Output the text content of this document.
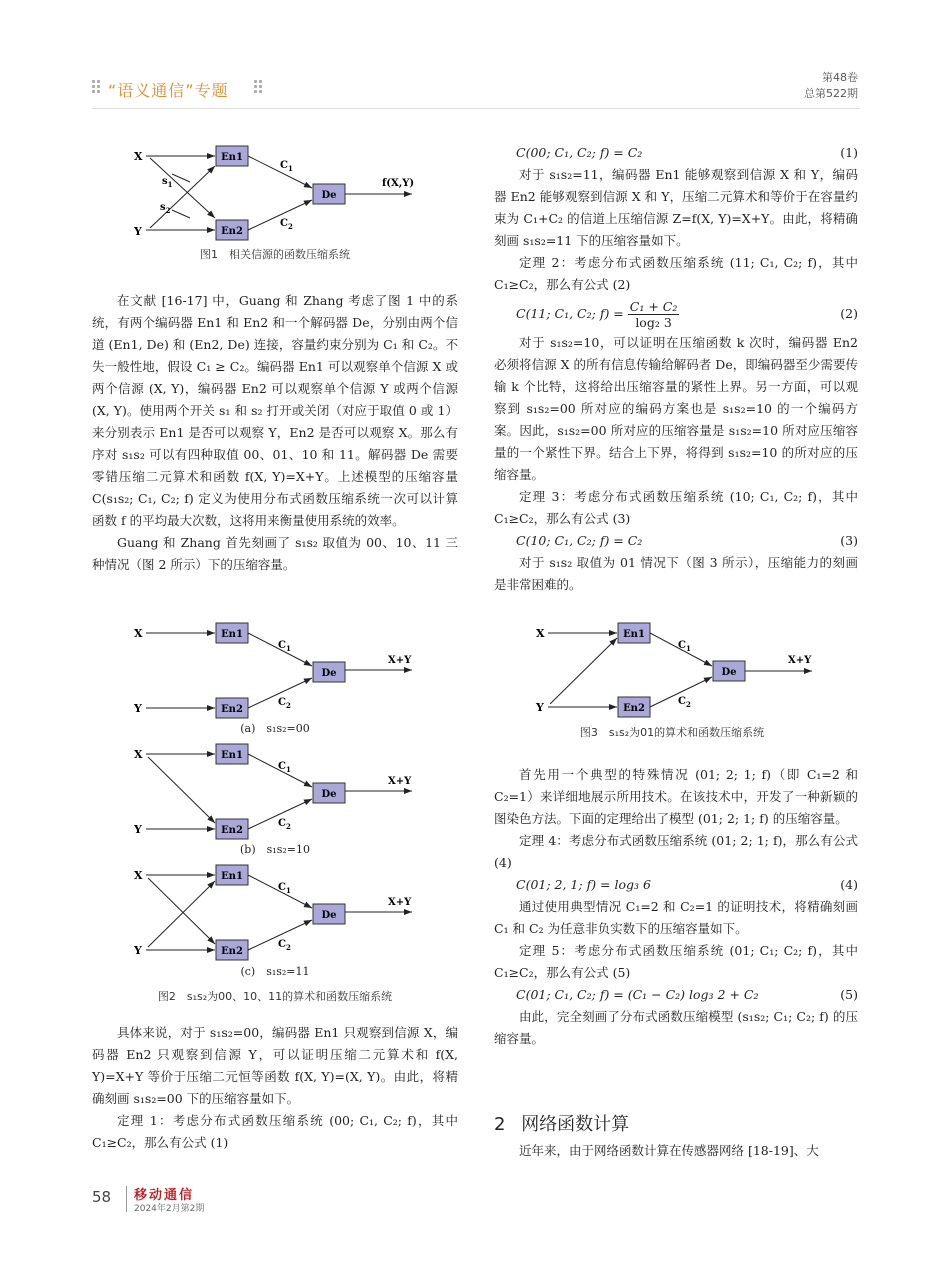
“语义通信”专题
第48卷
总第522期
X
Y
$s_1$
$s_2$
En1
En2
$C_1$
$C_2$
De
f(X,Y)
图1　相关信源的函数压缩系统

在文献 [16-17] 中，Guang 和 Zhang 考虑了图 1 中的系统，有两个编码器 En1 和 En2 和一个解码器 De，分别由两个信道 (En1, De) 和 (En2, De) 连接，容量约束分别为 C₁ 和 C₂。不失一般性地，假设 C₁ ≥ C₂。编码器 En1 可以观察单个信源 X 或两个信源 (X, Y)，编码器 En2 可以观察单个信源 Y 或两个信源 (X, Y)。使用两个开关 s₁ 和 s₂ 打开或关闭（对应于取值 0 或 1）来分别表示 En1 是否可以观察 Y，En2 是否可以观察 X。那么有序对 s₁s₂ 可以有四种取值 00、01、10 和 11。解码器 De 需要零错压缩二元算术和函数 f(X, Y)=X+Y。上述模型的压缩容量 C(s₁s₂; C₁, C₂; f) 定义为使用分布式函数压缩系统一次可以计算函数 f 的平均最大次数，这将用来衡量使用系统的效率。

Guang 和 Zhang 首先刻画了 s₁s₂ 取值为 00、10、11 三种情况（图 2 所示）下的压缩容量。

X
Y
En1
En2
$C_1$
$C_2$
De
X+Y
X
Y
En1
En2
$C_1$
$C_2$
De
X+Y
X
Y
En1
En2
$C_1$
$C_2$
De
X+Y
(a)　s₁s₂=00
(b)　s₁s₂=10
(c)　s₁s₂=11
图2　s₁s₂为00、10、11的算术和函数压缩系统

具体来说，对于 s₁s₂=00，编码器 En1 只观察到信源 X，编码器 En2 只观察到信源 Y，可以证明压缩二元算术和 f(X, Y)=X+Y 等价于压缩二元恒等函数 f(X, Y)=(X, Y)。由此，将精确刻画 s₁s₂=00 下的压缩容量如下。

定理 1：考虑分布式函数压缩系统 (00; C₁, C₂; f)，其中 C₁≥C₂，那么有公式 (1)

C(00; C₁, C₂; f) = C₂	(1)

对于 s₁s₂=11，编码器 En1 能够观察到信源 X 和 Y，编码器 En2 能够观察到信源 X 和 Y，压缩二元算术和等价于在容量约束为 C₁+C₂ 的信道上压缩信源 Z=f(X, Y)=X+Y。由此，将精确刻画 s₁s₂=11 下的压缩容量如下。

定理 2：考虑分布式函数压缩系统 (11; C₁, C₂; f)，其中 C₁≥C₂，那么有公式 (2)

C(11; C₁, C₂; $f) = \frac{\text{C₁ + C₂}}{\text{log₂ 3}}$	(2)

对于 s₁s₂=10，可以证明在压缩函数 k 次时，编码器 En2 必须将信源 X 的所有信息传输给解码者 De，即编码器至少需要传输 k 个比特，这将给出压缩容量的紧性上界。另一方面，可以观察到 s₁s₂=00 所对应的编码方案也是 s₁s₂=10 的一个编码方案。因此，s₁s₂=00 所对应的压缩容量是 s₁s₂=10 所对应压缩容量的一个紧性下界。结合上下界，将得到 s₁s₂=10 的所对应的压缩容量。

定理 3：考虑分布式函数压缩系统 (10; C₁, C₂; f)，其中 C₁≥C₂，那么有公式 (3)

C(10; C₁, C₂; f) = C₂	(3)

对于 s₁s₂ 取值为 01 情况下（图 3 所示），压缩能力的刻画是非常困难的。

X
Y
En1
En2
$C_1$
$C_2$
De
X+Y
图3　s₁s₂为01的算术和函数压缩系统

首先用一个典型的特殊情况 (01; 2; 1; f)（即 C₁=2 和 C₂=1）来详细地展示所用技术。在该技术中，开发了一种新颖的图染色方法。下面的定理给出了模型 (01; 2; 1; f) 的压缩容量。

定理 4：考虑分布式函数压缩系统 (01; 2; 1; f)，那么有公式 (4)

C(01; 2, 1; f) = log₃ 6	(4)

通过使用典型情况 C₁=2 和 C₂=1 的证明技术，将精确刻画 C₁ 和 C₂ 为任意非负实数下的压缩容量如下。

定理 5：考虑分布式函数压缩系统 (01; C₁; C₂; f)，其中 C₁≥C₂，那么有公式 (5)

C(01; C₁, C₂; f) = (C₁ − C₂) log₃ 2 + C₂	(5)

由此，完全刻画了分布式函数压缩模型 (s₁s₂; C₁; C₂; f) 的压缩容量。

2 网络函数计算

近年来，由于网络函数计算在传感器网络 [18-19]、大

58 移动通信
2024年2月第2期
